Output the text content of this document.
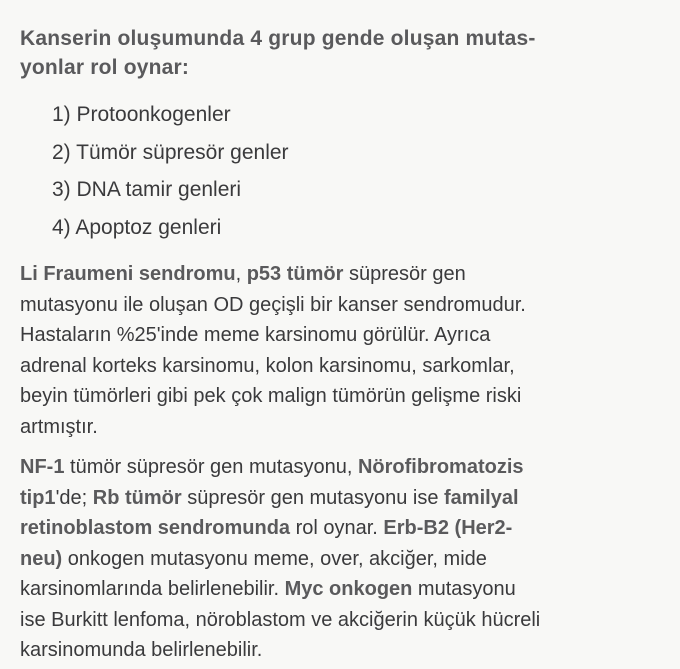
Kanserin oluşumunda 4 grup gende oluşan mutas-
yonlar rol oynar:
1) Protoonkogenler
2) Tümör süpresör genler
3) DNA tamir genleri
4) Apoptoz genleri
Li Fraumeni sendromu, p53 tümör süpresör gen
mutasyonu ile oluşan OD geçişli bir kanser sendromudur.
Hastaların %25'inde meme karsinomu görülür. Ayrıca
adrenal korteks karsinomu, kolon karsinomu, sarkomlar,
beyin tümörleri gibi pek çok malign tümörün gelişme riski
artmıştır.
NF-1 tümör süpresör gen mutasyonu, Nörofibromatozis
tip1'de; Rb tümör süpresör gen mutasyonu ise familyal
retinoblastom sendromunda rol oynar. Erb-B2 (Her2-
neu) onkogen mutasyonu meme, over, akciğer, mide
karsinomlarında belirlenebilir. Myc onkogen mutasyonu
ise Burkitt lenfoma, nöroblastom ve akciğerin küçük hücreli
karsinomunda belirlenebilir.
